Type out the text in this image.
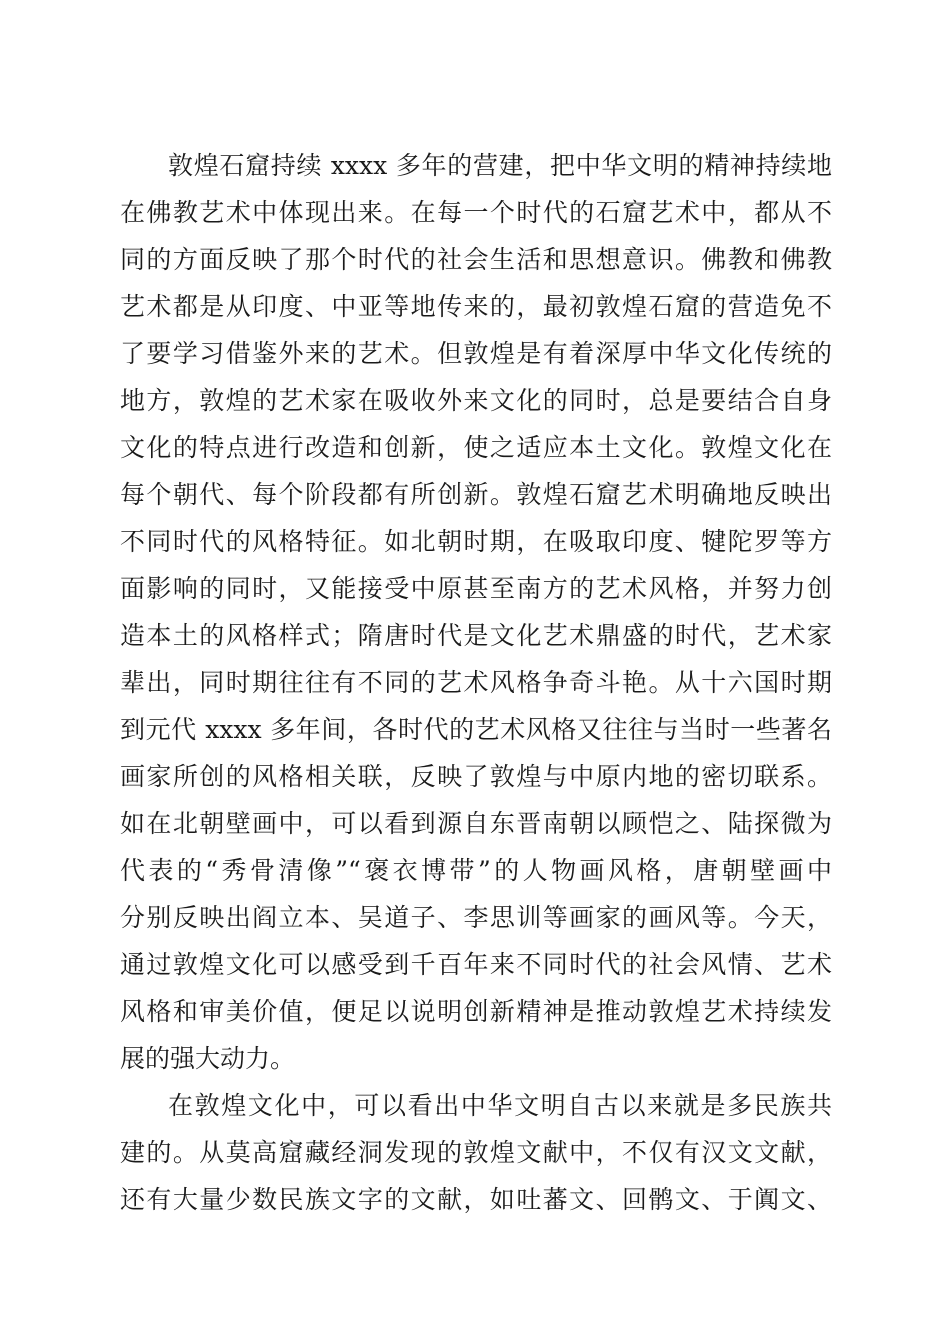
敦煌石窟持续 xxxx 多年的营建，把中华文明的精神持续地
在佛教艺术中体现出来。在每一个时代的石窟艺术中，都从不
同的方面反映了那个时代的社会生活和思想意识。佛教和佛教
艺术都是从印度、中亚等地传来的，最初敦煌石窟的营造免不
了要学习借鉴外来的艺术。但敦煌是有着深厚中华文化传统的
地方，敦煌的艺术家在吸收外来文化的同时，总是要结合自身
文化的特点进行改造和创新，使之适应本土文化。敦煌文化在
每个朝代、每个阶段都有所创新。敦煌石窟艺术明确地反映出
不同时代的风格特征。如北朝时期，在吸取印度、犍陀罗等方
面影响的同时，又能接受中原甚至南方的艺术风格，并努力创
造本土的风格样式；隋唐时代是文化艺术鼎盛的时代，艺术家
辈出，同时期往往有不同的艺术风格争奇斗艳。从十六国时期
到元代 xxxx 多年间，各时代的艺术风格又往往与当时一些著名
画家所创的风格相关联，反映了敦煌与中原内地的密切联系。
如在北朝壁画中，可以看到源自东晋南朝以顾恺之、陆探微为
代表的“秀骨清像”“褒衣博带”的人物画风格，唐朝壁画中
分别反映出阎立本、吴道子、李思训等画家的画风等。今天，
通过敦煌文化可以感受到千百年来不同时代的社会风情、艺术
风格和审美价值，便足以说明创新精神是推动敦煌艺术持续发
展的强大动力。
在敦煌文化中，可以看出中华文明自古以来就是多民族共
建的。从莫高窟藏经洞发现的敦煌文献中，不仅有汉文文献，
还有大量少数民族文字的文献，如吐蕃文、回鹘文、于阗文、
